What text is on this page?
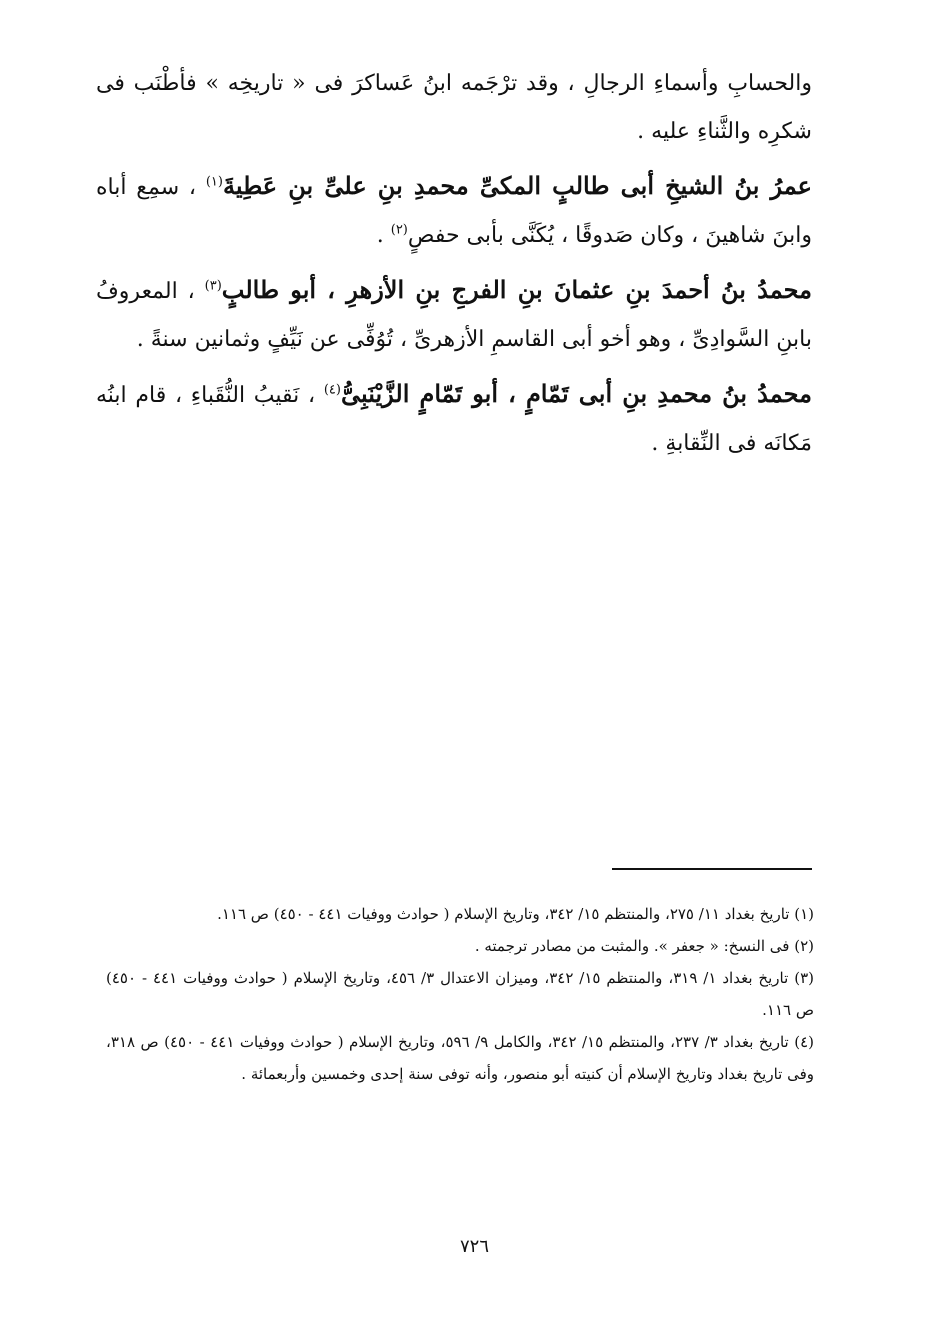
والحسابِ وأسماءِ الرجالِ ، وقد ترْجَمه ابنُ عَساكرَ فى « تاريخِه » فأطْنَب فى شكرِه والثَّناءِ عليه .

عمرُ بنُ الشيخِ أبى طالبٍ المكىِّ محمدِ بنِ علىِّ بنِ عَطِيةَ$^{(١)}$ ، سمِع أباه وابنَ شاهينَ ، وكان صَدوقًا ، يُكَنَّى بأبى حفصٍ$^{(٢)}$ .

محمدُ بنُ أحمدَ بنِ عثمانَ بنِ الفرجِ بنِ الأزهرِ ، أبو طالبٍ$^{(٣)}$ ، المعروفُ بابنِ السَّوادِىِّ ، وهو أخو أبى القاسمِ الأزهرىِّ ، تُوُفِّى عن نَيِّفٍ وثمانين سنةً .

محمدُ بنُ محمدِ بنِ أبى تَمّامٍ ، أبو تَمّامٍ الزَّيْنَبِىُّ$^{(٤)}$ ، نَقيبُ النُّقَباءِ ، قام ابنُه مَكانَه فى النِّقابةِ .

(١) تاريخ بغداد ١١/ ٢٧٥، والمنتظم ١٥/ ٣٤٢، وتاريخ الإسلام ( حوادث ووفيات ٤٤١ - ٤٥٠) ص ١١٦.

(٢) فى النسخ: « جعفر ». والمثبت من مصادر ترجمته .

(٣) تاريخ بغداد ١/ ٣١٩، والمنتظم ١٥/ ٣٤٢، وميزان الاعتدال ٣/ ٤٥٦، وتاريخ الإسلام ( حوادث ووفيات ٤٤١ - ٤٥٠) ص ١١٦.

(٤) تاريخ بغداد ٣/ ٢٣٧، والمنتظم ١٥/ ٣٤٢، والكامل ٩/ ٥٩٦، وتاريخ الإسلام ( حوادث ووفيات ٤٤١ - ٤٥٠) ص ٣١٨، وفى تاريخ بغداد وتاريخ الإسلام أن كنيته أبو منصور، وأنه توفى سنة إحدى وخمسين وأربعمائة .

٧٢٦
